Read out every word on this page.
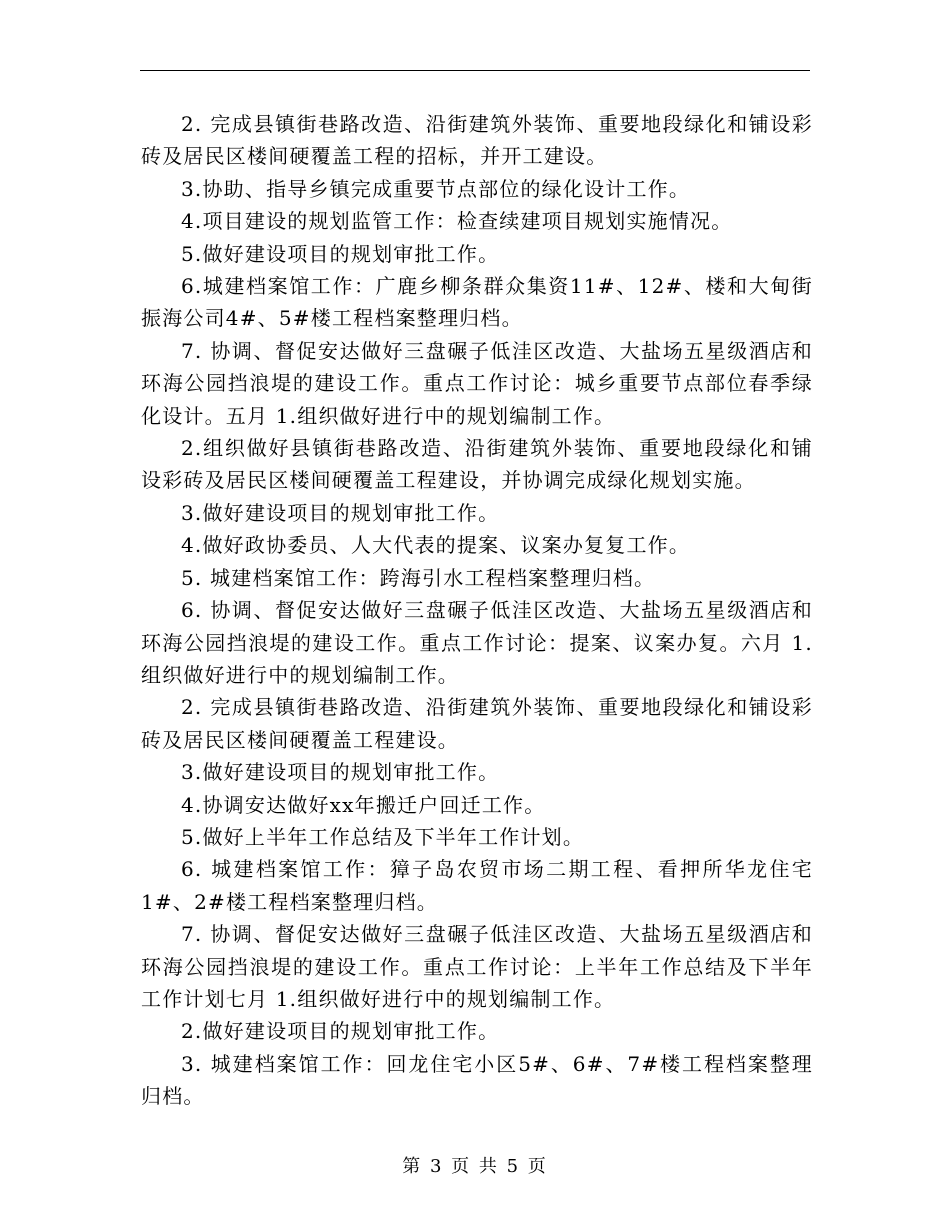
2. 完成县镇街巷路改造、沿街建筑外装饰、重要地段绿化和铺设彩砖及居民区楼间硬覆盖工程的招标，并开工建设。

3.协助、指导乡镇完成重要节点部位的绿化设计工作。

4.项目建设的规划监管工作：检查续建项目规划实施情况。

5.做好建设项目的规划审批工作。

6.城建档案馆工作：广鹿乡柳条群众集资11#、12#、楼和大甸街振海公司4#、5#楼工程档案整理归档。

7. 协调、督促安达做好三盘碾子低洼区改造、大盐场五星级酒店和环海公园挡浪堤的建设工作。重点工作讨论：城乡重要节点部位春季绿化设计。五月 1.组织做好进行中的规划编制工作。

2.组织做好县镇街巷路改造、沿街建筑外装饰、重要地段绿化和铺设彩砖及居民区楼间硬覆盖工程建设，并协调完成绿化规划实施。

3.做好建设项目的规划审批工作。

4.做好政协委员、人大代表的提案、议案办复复工作。

5. 城建档案馆工作：跨海引水工程档案整理归档。

6. 协调、督促安达做好三盘碾子低洼区改造、大盐场五星级酒店和环海公园挡浪堤的建设工作。重点工作讨论：提案、议案办复。六月 1.组织做好进行中的规划编制工作。

2. 完成县镇街巷路改造、沿街建筑外装饰、重要地段绿化和铺设彩砖及居民区楼间硬覆盖工程建设。

3.做好建设项目的规划审批工作。

4.协调安达做好xx年搬迁户回迁工作。

5.做好上半年工作总结及下半年工作计划。

6. 城建档案馆工作：獐子岛农贸市场二期工程、看押所华龙住宅1#、2#楼工程档案整理归档。

7. 协调、督促安达做好三盘碾子低洼区改造、大盐场五星级酒店和环海公园挡浪堤的建设工作。重点工作讨论：上半年工作总结及下半年工作计划七月 1.组织做好进行中的规划编制工作。

2.做好建设项目的规划审批工作。

3. 城建档案馆工作：回龙住宅小区5#、6#、7#楼工程档案整理归档。

第 3 页 共 5 页
